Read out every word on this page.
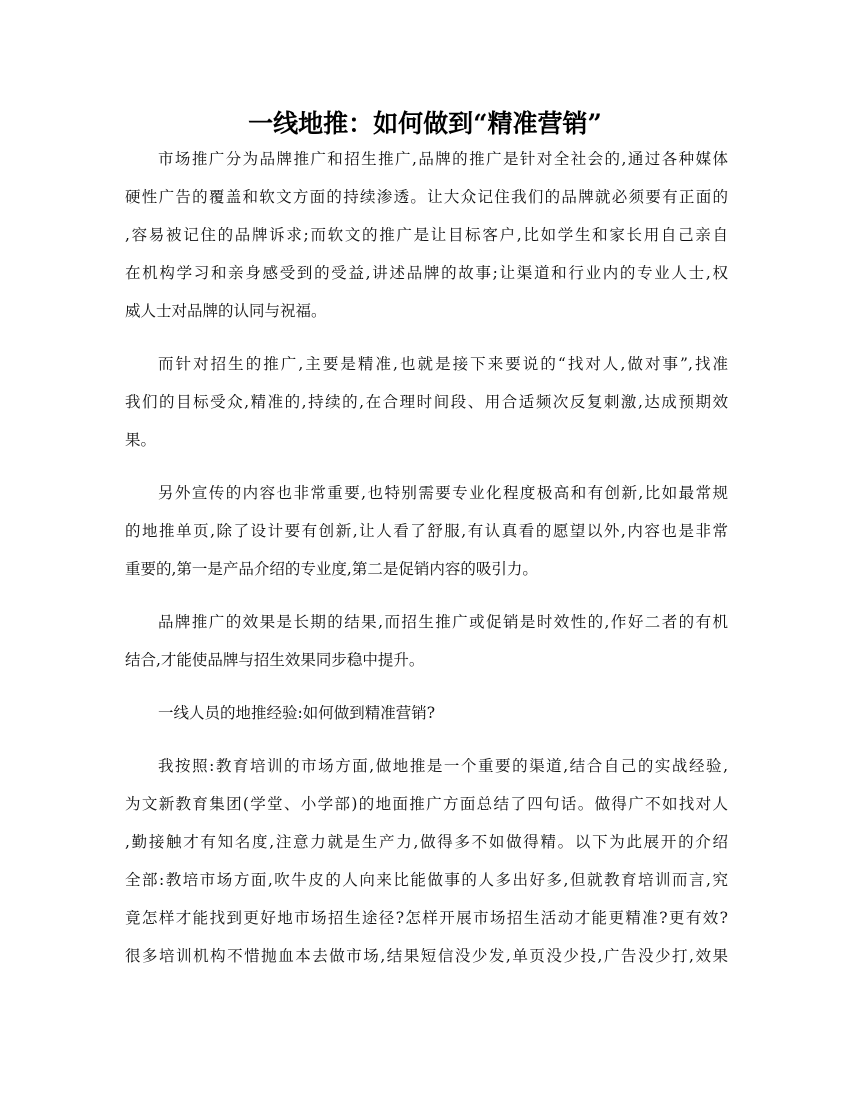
一线地推：如何做到“精准营销”
市场推广分为品牌推广和招生推广,品牌的推广是针对全社会的,通过各种媒体
硬性广告的覆盖和软文方面的持续渗透。让大众记住我们的品牌就必须要有正面的
,容易被记住的品牌诉求;而软文的推广是让目标客户,比如学生和家长用自己亲自
在机构学习和亲身感受到的受益,讲述品牌的故事;让渠道和行业内的专业人士,权
威人士对品牌的认同与祝福。
而针对招生的推广,主要是精准,也就是接下来要说的“找对人,做对事”,找准
我们的目标受众,精准的,持续的,在合理时间段、用合适频次反复刺激,达成预期效
果。
另外宣传的内容也非常重要,也特别需要专业化程度极高和有创新,比如最常规
的地推单页,除了设计要有创新,让人看了舒服,有认真看的愿望以外,内容也是非常
重要的,第一是产品介绍的专业度,第二是促销内容的吸引力。
品牌推广的效果是长期的结果,而招生推广或促销是时效性的,作好二者的有机
结合,才能使品牌与招生效果同步稳中提升。
一线人员的地推经验:如何做到精准营销?
我按照:教育培训的市场方面,做地推是一个重要的渠道,结合自己的实战经验,
为文新教育集团(学堂、小学部)的地面推广方面总结了四句话。做得广不如找对人
,勤接触才有知名度,注意力就是生产力,做得多不如做得精。以下为此展开的介绍
全部:教培市场方面,吹牛皮的人向来比能做事的人多出好多,但就教育培训而言,究
竟怎样才能找到更好地市场招生途径?怎样开展市场招生活动才能更精准?更有效?
很多培训机构不惜抛血本去做市场,结果短信没少发,单页没少投,广告没少打,效果
